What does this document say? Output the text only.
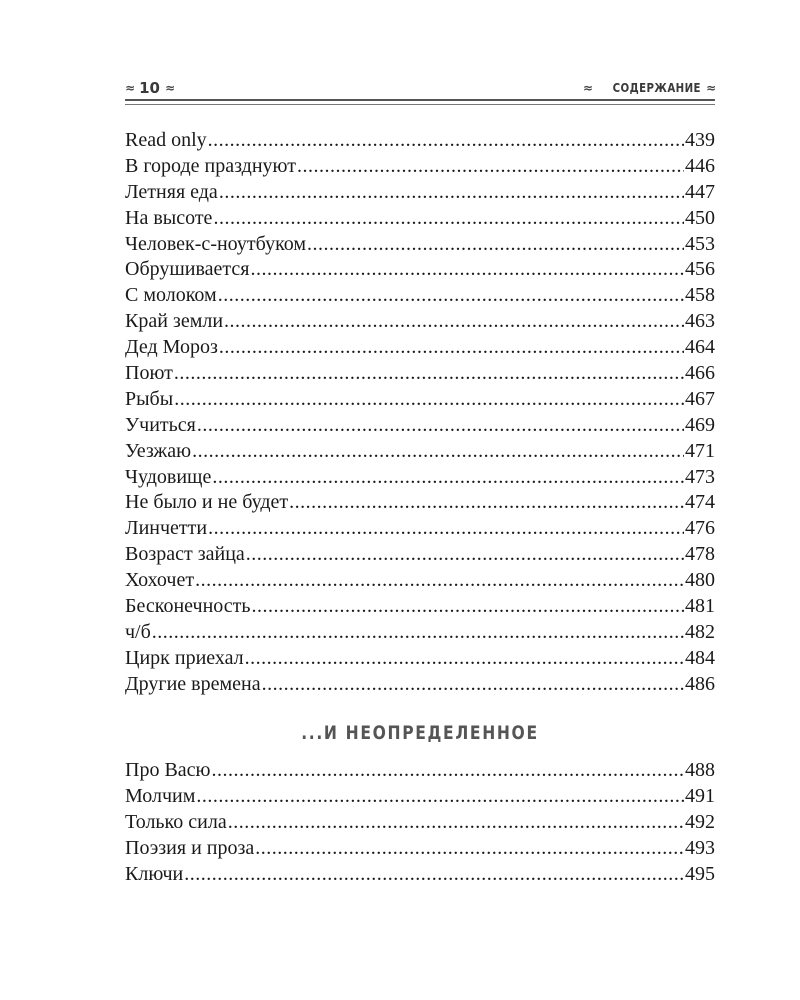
≈ 10 ≈	≈ СОДЕРЖАНИЕ ≈
Read only .....	439
В городе празднуют .....	446
Летняя еда .....	447
На высоте .....	450
Человек-с-ноутбуком .....	453
Обрушивается .....	456
С молоком .....	458
Край земли .....	463
Дед Мороз .....	464
Поют .....	466
Рыбы .....	467
Учиться .....	469
Уезжаю .....	471
Чудовище .....	473
Не было и не будет .....	474
Линчетти .....	476
Возраст зайца .....	478
Хохочет .....	480
Бесконечность .....	481
ч/б .....	482
Цирк приехал .....	484
Другие времена .....	486
...И НЕОПРЕДЕЛЕННОЕ
Про Васю .....	488
Молчим .....	491
Только сила .....	492
Поэзия и проза .....	493
Ключи .....	495
